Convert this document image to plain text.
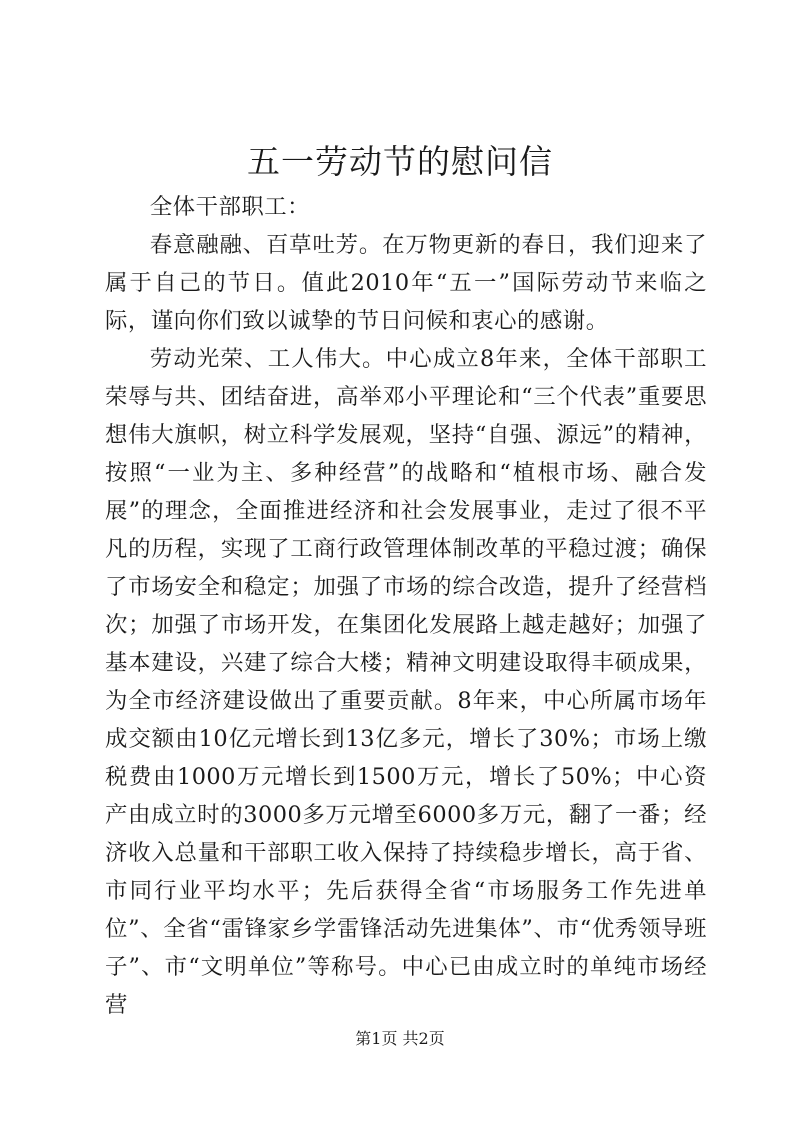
五一劳动节的慰问信

全体干部职工：

春意融融、百草吐芳。在万物更新的春日，我们迎来了属于自己的节日。值此2010年“五一”国际劳动节来临之际，谨向你们致以诚挚的节日问候和衷心的感谢。

劳动光荣、工人伟大。中心成立8年来，全体干部职工荣辱与共、团结奋进，高举邓小平理论和“三个代表”重要思想伟大旗帜，树立科学发展观，坚持“自强、源远”的精神，按照“一业为主、多种经营”的战略和“植根市场、融合发展”的理念，全面推进经济和社会发展事业，走过了很不平凡的历程，实现了工商行政管理体制改革的平稳过渡；确保了市场安全和稳定；加强了市场的综合改造，提升了经营档次；加强了市场开发，在集团化发展路上越走越好；加强了基本建设，兴建了综合大楼；精神文明建设取得丰硕成果，为全市经济建设做出了重要贡献。8年来，中心所属市场年成交额由10亿元增长到13亿多元，增长了30%；市场上缴税费由1000万元增长到1500万元，增长了50%；中心资产由成立时的3000多万元增至6000多万元，翻了一番；经济收入总量和干部职工收入保持了持续稳步增长，高于省、市同行业平均水平；先后获得全省“市场服务工作先进单位”、全省“雷锋家乡学雷锋活动先进集体”、市“优秀领导班子”、市“文明单位”等称号。中心已由成立时的单纯市场经营

第1页 共2页
